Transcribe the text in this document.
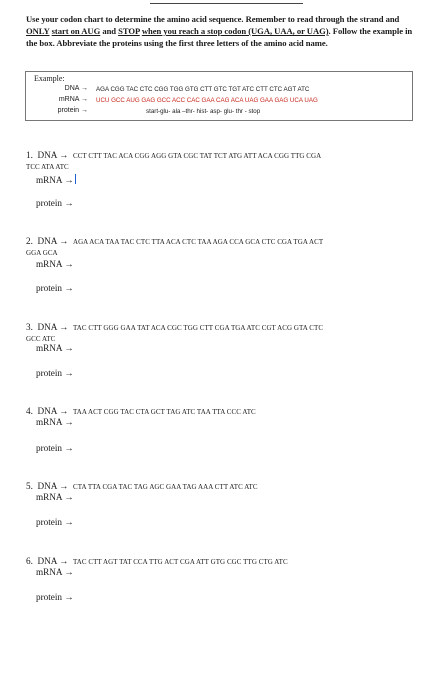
Use your codon chart to determine the amino acid sequence. Remember to read through the strand and ONLY start on AUG and STOP when you reach a stop codon (UGA, UAA, or UAG). Follow the example in the box. Abbreviate the proteins using the first three letters of the amino acid name.
Example:
DNA → AGA CGG TAC CTC CGG TGG GTG CTT GTC TGT ATC CTT CTC AGT ATC
mRNA → UCU GCC AUG GAG GCC ACC CAC GAA CAG ACA UAG GAA GAG UCA UAG
protein →	start-glu- ala –thr- hist- asp- glu- thr - stop
1. DNA → CCT CTT TAC ACA CGG AGG GTA CGC TAT TCT ATG ATT ACA CGG TTG CGA
TCC ATA ATC
mRNA →
protein →
2. DNA → AGA ACA TAA TAC CTC TTA ACA CTC TAA AGA CCA GCA CTC CGA TGA ACT
GGA GCA
mRNA →
protein →
3. DNA → TAC CTT GGG GAA TAT ACA CGC TGG CTT CGA TGA ATC CGT ACG GTA CTC
GCC ATC
mRNA →
protein →
4. DNA → TAA ACT CGG TAC CTA GCT TAG ATC TAA TTA CCC ATC
mRNA →
protein →
5. DNA → CTA TTA CGA TAC TAG AGC GAA TAG AAA CTT ATC ATC
mRNA →
protein →
6. DNA → TAC CTT AGT TAT CCA TTG ACT CGA ATT GTG CGC TTG CTG ATC
mRNA →
protein →
